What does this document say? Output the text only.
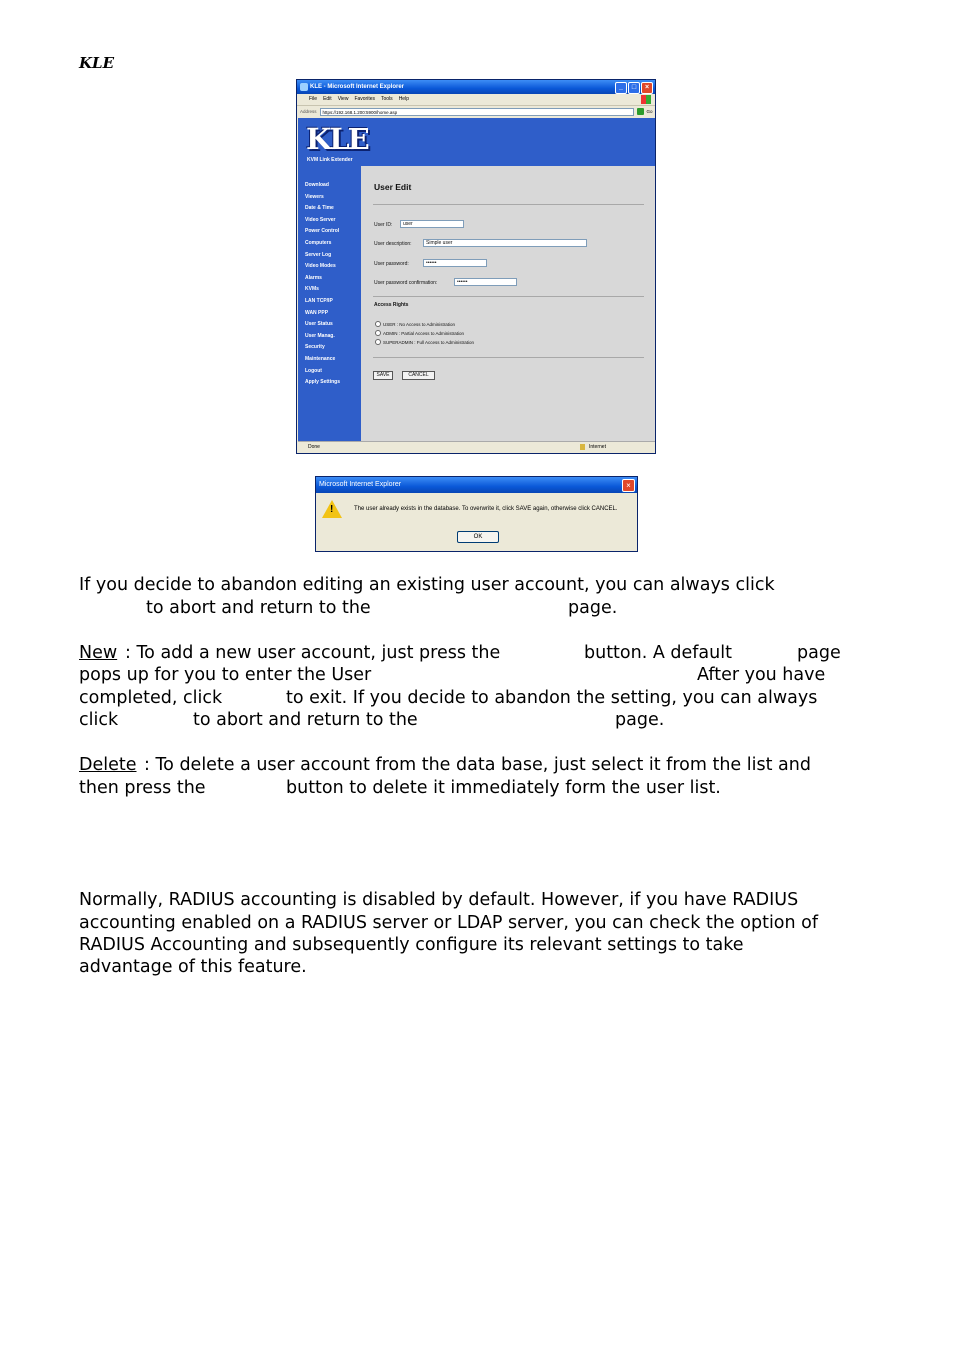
KLE
KLE - Microsoft Internet Explorer	_	□	×
File Edit View Favorites Tools Help
Address	https://192.168.1.200:5900/home.asp	Go
KLE
KVM Link Extender
Download
Viewers
Date & Time
Video Server
Power Control
Computers
Server Log
Video Modes
Alarms
KVMs
LAN TCP/IP
WAN PPP
User Status
User Manag.
Security
Maintenance
Logout
Apply Settings
User Edit
User ID:	user
User description:	Simple user
User password:	••••••
User password confirmation:	••••••
Access Rights
USER : No Access to Administration
ADMIN : Partial Access to Administration
SUPERADMIN : Full Access to Administration
SAVE	CANCEL
Done	Internet
Microsoft Internet Explorer	×
!	The user already exists in the database. To overwrite it, click SAVE again, otherwise click CANCEL.
OK
If you decide to abandon editing an existing user account, you can always click
to abort and return to the	page.
New : To add a new user account, just press the	button. A default	page
pops up for you to enter the User	After you have
completed, click	to exit. If you decide to abandon the setting, you can always
click	to abort and return to the	page.
Delete : To delete a user account from the data base, just select it from the list and
then press the	button to delete it immediately form the user list.
Normally, RADIUS accounting is disabled by default. However, if you have RADIUS
accounting enabled on a RADIUS server or LDAP server, you can check the option of
RADIUS Accounting and subsequently configure its relevant settings to take
advantage of this feature.
